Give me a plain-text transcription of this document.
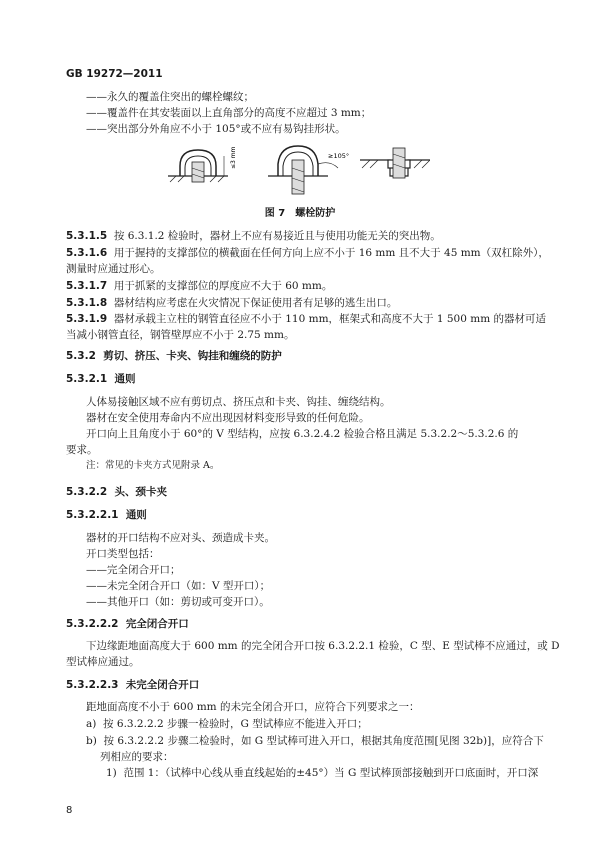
GB 19272—2011
——永久的覆盖住突出的螺栓螺纹；
——覆盖件在其安装面以上直角部分的高度不应超过 3 mm；
——突出部分外角应不小于 105°或不应有易钩挂形状。
≤3 mm	≥105°
图 7　螺栓防护
5.3.1.5 按 6.3.1.2 检验时，器材上不应有易接近且与使用功能无关的突出物。
5.3.1.6 用于握持的支撑部位的横截面在任何方向上应不小于 16 mm 且不大于 45 mm（双杠除外），
测量时应通过形心。
5.3.1.7 用于抓紧的支撑部位的厚度应不大于 60 mm。
5.3.1.8 器材结构应考虑在火灾情况下保证使用者有足够的逃生出口。
5.3.1.9 器材承载主立柱的钢管直径应不小于 110 mm，框架式和高度不大于 1 500 mm 的器材可适
当减小钢管直径，钢管壁厚应不小于 2.75 mm。
5.3.2 剪切、挤压、卡夹、钩挂和缠绕的防护
5.3.2.1 通则
人体易接触区域不应有剪切点、挤压点和卡夹、钩挂、缠绕结构。
器材在安全使用寿命内不应出现因材料变形导致的任何危险。
开口向上且角度小于 60°的 V 型结构，应按 6.3.2.4.2 检验合格且满足 5.3.2.2～5.3.2.6 的
要求。
注：常见的卡夹方式见附录 A。
5.3.2.2 头、颈卡夹
5.3.2.2.1 通则
器材的开口结构不应对头、颈造成卡夹。
开口类型包括：
——完全闭合开口；
——未完全闭合开口（如：V 型开口）；
——其他开口（如：剪切或可变开口）。
5.3.2.2.2 完全闭合开口
下边缘距地面高度大于 600 mm 的完全闭合开口按 6.3.2.2.1 检验，C 型、E 型试棒不应通过，或 D
型试棒应通过。
5.3.2.2.3 未完全闭合开口
距地面高度不小于 600 mm 的未完全闭合开口，应符合下列要求之一：
a) 按 6.3.2.2.2 步骤一检验时，G 型试棒应不能进入开口；
b) 按 6.3.2.2.2 步骤二检验时，如 G 型试棒可进入开口，根据其角度范围[见图 32b)]，应符合下
列相应的要求：
1) 范围 1：（试棒中心线从垂直线起始的±45°）当 G 型试棒顶部接触到开口底面时，开口深
8
